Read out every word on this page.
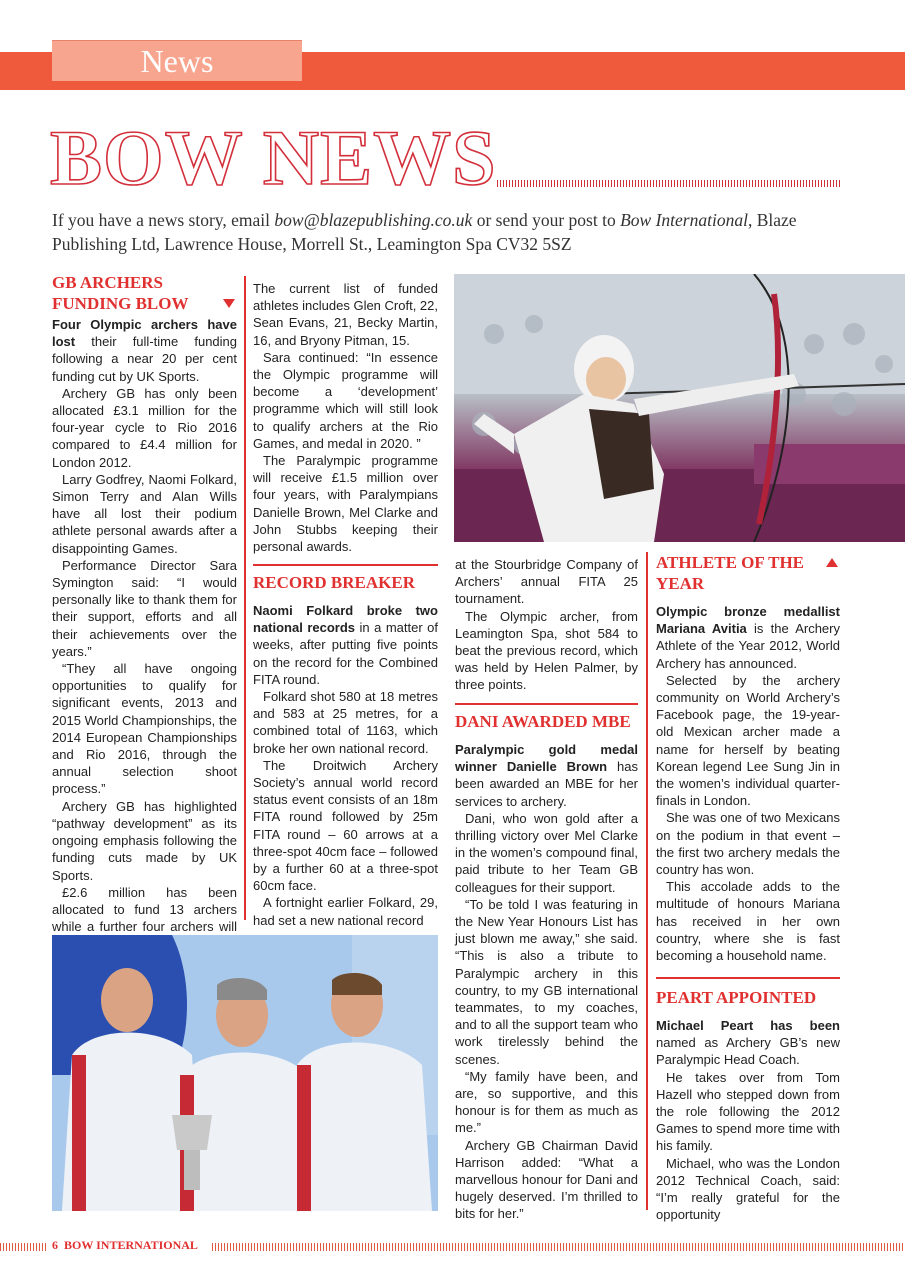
News
BOW NEWS
If you have a news story, email bow@blazepublishing.co.uk or send your post to Bow International, Blaze Publishing Ltd, Lawrence House, Morrell St., Leamington Spa CV32 5SZ
GB ARCHERS
FUNDING BLOW

Four Olympic archers have lost their full-time funding following a near 20 per cent funding cut by UK Sports.

Archery GB has only been allocated £3.1 million for the four-year cycle to Rio 2016 compared to £4.4 million for London 2012.

Larry Godfrey, Naomi Folkard, Simon Terry and Alan Wills have all lost their podium athlete personal awards after a disappointing Games.

Performance Director Sara Symington said: “I would personally like to thank them for their support, efforts and all their achievements over the years.”

“They all have ongoing opportunities to qualify for significant events, 2013 and 2015 World Championships, the 2014 European Championships and Rio 2016, through the annual selection shoot process.”

Archery GB has highlighted “pathway development” as its ongoing emphasis following the funding cuts made by UK Sports.

£2.6 million has been allocated to fund 13 archers while a further four archers will

The current list of funded athletes includes Glen Croft, 22, Sean Evans, 21, Becky Martin, 16, and Bryony Pitman, 15.

Sara continued: “In essence the Olympic programme will become a ‘development’ programme which will still look to qualify archers at the Rio Games, and medal in 2020. ”

The Paralympic programme will receive £1.5 million over four years, with Paralympians Danielle Brown, Mel Clarke and John Stubbs keeping their personal awards.

RECORD BREAKER

Naomi Folkard broke two national records in a matter of weeks, after putting five points on the record for the Combined FITA round.

Folkard shot 580 at 18 metres and 583 at 25 metres, for a combined total of 1163, which broke her own national record.

The Droitwich Archery Society’s annual world record status event consists of an 18m FITA round followed by 25m FITA round – 60 arrows at a three-spot 40cm face – followed by a further 60 at a three-spot 60cm face.

A fortnight earlier Folkard, 29, had set a new national record

at the Stourbridge Company of Archers’ annual FITA 25 tournament.

The Olympic archer, from Leamington Spa, shot 584 to beat the previous record, which was held by Helen Palmer, by three points.

DANI AWARDED MBE

Paralympic gold medal winner Danielle Brown has been awarded an MBE for her services to archery.

Dani, who won gold after a thrilling victory over Mel Clarke in the women’s compound final, paid tribute to her Team GB colleagues for their support.

“To be told I was featuring in the New Year Honours List has just blown me away,” she said. “This is also a tribute to Paralympic archery in this country, to my GB international teammates, to my coaches, and to all the support team who work tirelessly behind the scenes.

“My family have been, and are, so supportive, and this honour is for them as much as me.”

Archery GB Chairman David Harrison added: “What a marvellous honour for Dani and hugely deserved. I’m thrilled to bits for her.”

ATHLETE OF THE
YEAR

Olympic bronze medallist Mariana Avitia is the Archery Athlete of the Year 2012, World Archery has announced.

Selected by the archery community on World Archery’s Facebook page, the 19-year-old Mexican archer made a name for herself by beating Korean legend Lee Sung Jin in the women’s individual quarter-finals in London.

She was one of two Mexicans on the podium in that event – the first two archery medals the country has won.

This accolade adds to the multitude of honours Mariana has received in her own country, where she is fast becoming a household name.

PEART APPOINTED

Michael Peart has been named as Archery GB’s new Paralympic Head Coach.

He takes over from Tom Hazell who stepped down from the role following the 2012 Games to spend more time with his family.

Michael, who was the London 2012 Technical Coach, said: “I’m really grateful for the opportunity

6 BOW INTERNATIONAL
